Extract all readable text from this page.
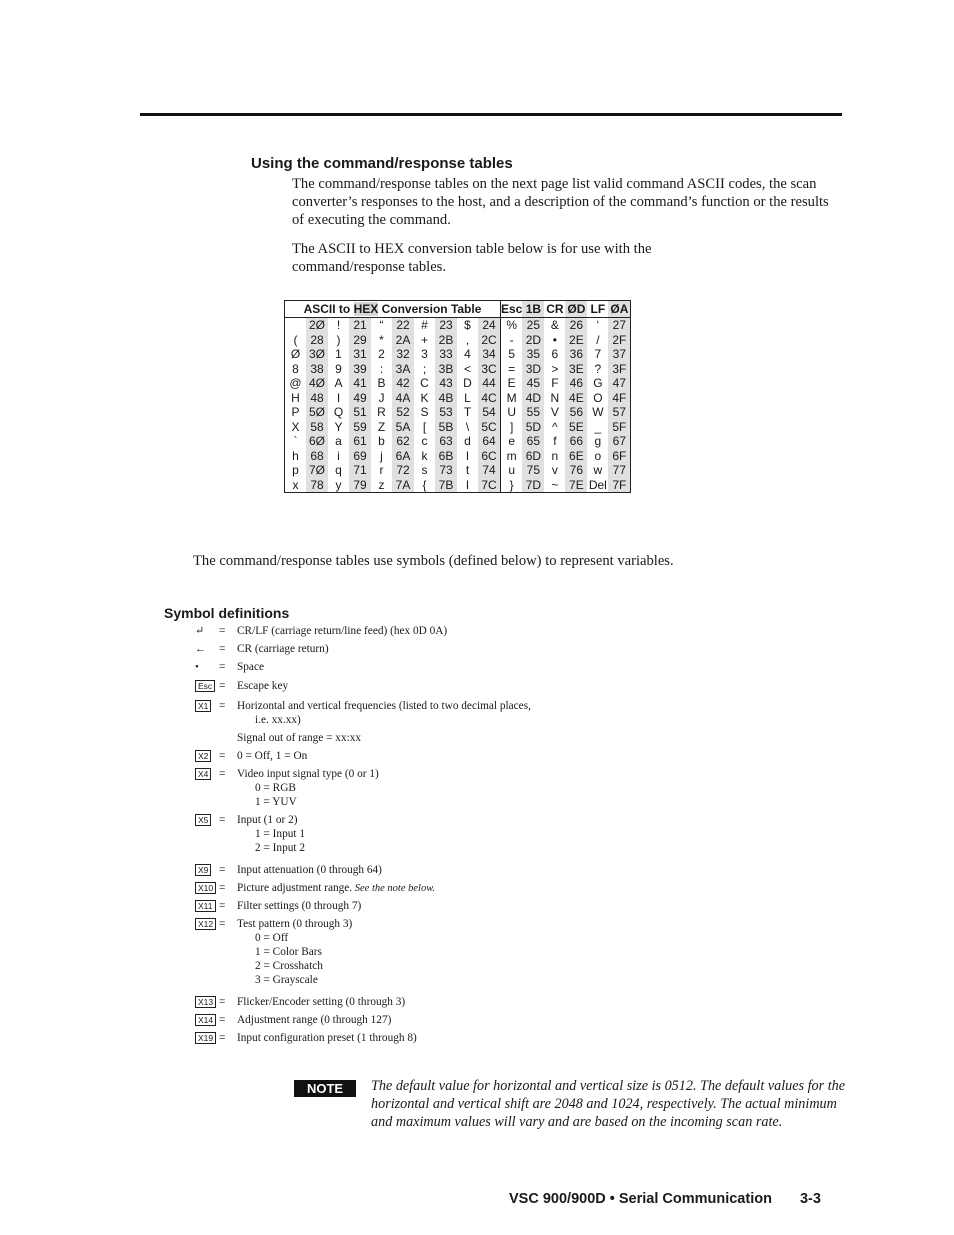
Using the command/response tables

The command/response tables on the next page list valid command ASCII codes, the scan converter’s responses to the host, and a description of the command’s function or the results of executing the command.

The ASCII to HEX conversion table below is for use with the command/response tables.

ASCII to HEX Conversion Table										Esc	1B	CR	ØD	LF	ØA
	2Ø	!	21	“	22	#	23	$	24	%	25	&	26	‘	27
(	28	)	29	*	2A	+	2B	,	2C	-	2D	•	2E	/	2F
Ø	3Ø	1	31	2	32	3	33	4	34	5	35	6	36	7	37
8	38	9	39	:	3A	;	3B	<	3C	=	3D	>	3E	?	3F
@	4Ø	A	41	B	42	C	43	D	44	E	45	F	46	G	47
H	48	I	49	J	4A	K	4B	L	4C	M	4D	N	4E	O	4F
P	5Ø	Q	51	R	52	S	53	T	54	U	55	V	56	W	57
X	58	Y	59	Z	5A	[	5B	\	5C	]	5D	^	5E	_	5F
`	6Ø	a	61	b	62	c	63	d	64	e	65	f	66	g	67
h	68	i	69	j	6A	k	6B	l	6C	m	6D	n	6E	o	6F
p	7Ø	q	71	r	72	s	73	t	74	u	75	v	76	w	77
x	78	y	79	z	7A	{	7B	l	7C	}	7D	~	7E	Del	7F

The command/response tables use symbols (defined below) to represent variables.

Symbol definitions
↵	= CR/LF (carriage return/line feed) (hex 0D 0A)
←	= CR (carriage return)
•	= Space
Esc = Escape key
X1 = Horizontal and vertical frequencies (listed to two decimal places,
i.e. xx.xx)
Signal out of range = xx:xx
X2 = 0 = Off, 1 = On
X4 = Video input signal type (0 or 1)
0 = RGB
1 = YUV
X5 = Input (1 or 2)
1 = Input 1
2 = Input 2
X9 = Input attenuation (0 through 64)
X10 = Picture adjustment range. See the note below.
X11 = Filter settings (0 through 7)
X12 = Test pattern (0 through 3)
0 = Off
1 = Color Bars
2 = Crosshatch
3 = Grayscale
X13 = Flicker/Encoder setting (0 through 3)
X14 = Adjustment range (0 through 127)
X19 = Input configuration preset (1 through 8)
NOTE	The default value for horizontal and vertical size is 0512. The default values for the horizontal and vertical shift are 2048 and 1024, respectively. The actual minimum and maximum values will vary and are based on the incoming scan rate.

VSC 900/900D • Serial Communication 3-3
